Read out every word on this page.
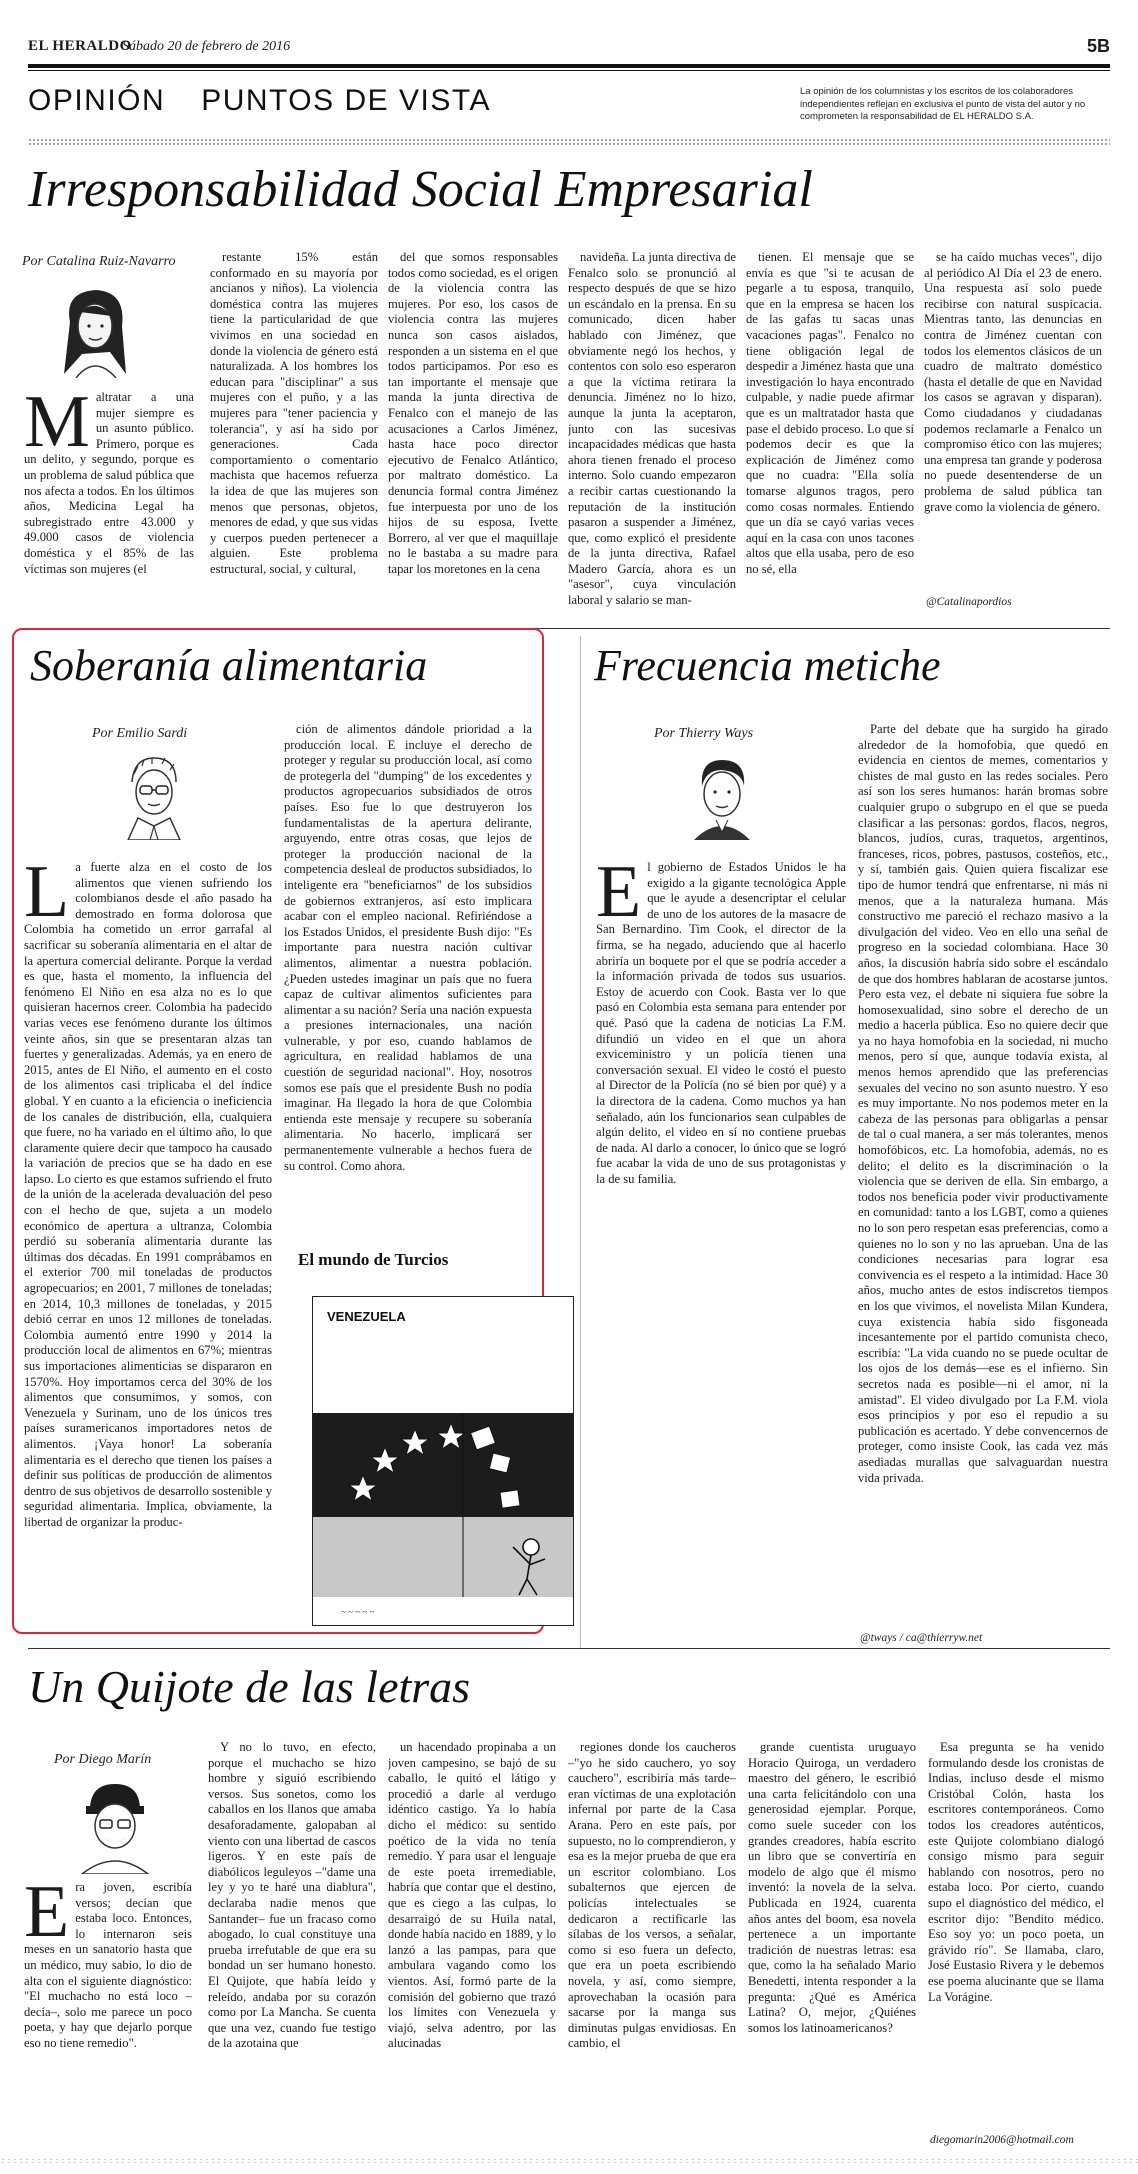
EL HERALDO
Sábado 20 de febrero de 2016	5B
OPINIÓN PUNTOS DE VISTA	La opinión de los columnistas y los escritos de los colaboradores independientes reflejan en exclusiva el punto de vista del autor y no comprometen la responsabilidad de EL HERALDO S.A.
Irresponsabilidad Social Empresarial
Por Catalina Ruiz-Navarro
Maltratar a una mujer siempre es un asunto público. Primero, porque es un delito, y segundo, porque es un problema de salud pública que nos afecta a todos. En los últimos años, Medicina Legal ha subregistrado entre 43.000 y 49.000 casos de violencia doméstica y el 85% de las víctimas son mujeres (el

restante 15% están conformado en su mayoría por ancianos y niños). La violencia doméstica contra las mujeres tiene la particularidad de que vivimos en una sociedad en donde la violencia de género está naturalizada. A los hombres los educan para "disciplinar" a sus mujeres con el puño, y a las mujeres para "tener paciencia y tolerancia", y así ha sido por generaciones. Cada comportamiento o comentario machista que hacemos refuerza la idea de que las mujeres son menos que personas, objetos, menores de edad, y que sus vidas y cuerpos pueden pertenecer a alguien. Este problema estructural, social, y cultural,

del que somos responsables todos como sociedad, es el origen de la violencia contra las mujeres. Por eso, los casos de violencia contra las mujeres nunca son casos aislados, responden a un sistema en el que todos participamos. Por eso es tan importante el mensaje que manda la junta directiva de Fenalco con el manejo de las acusaciones a Carlos Jiménez, hasta hace poco director ejecutivo de Fenalco Atlántico, por maltrato doméstico. La denuncia formal contra Jiménez fue interpuesta por uno de los hijos de su esposa, Ivette Borrero, al ver que el maquillaje no le bastaba a su madre para tapar los moretones en la cena

navideña. La junta directiva de Fenalco solo se pronunció al respecto después de que se hizo un escándalo en la prensa. En su comunicado, dicen haber hablado con Jiménez, que obviamente negó los hechos, y contentos con solo eso esperaron a que la víctima retirara la denuncia. Jiménez no lo hizo, aunque la junta la aceptaron, junto con las sucesivas incapacidades médicas que hasta ahora tienen frenado el proceso interno. Solo cuando empezaron a recibir cartas cuestionando la reputación de la institución pasaron a suspender a Jiménez, que, como explicó el presidente de la junta directiva, Rafael Madero García, ahora es un "asesor", cuya vinculación laboral y salario se man-

tienen. El mensaje que se envía es que "si te acusan de pegarle a tu esposa, tranquilo, que en la empresa se hacen los de las gafas tu sacas unas vacaciones pagas". Fenalco no tiene obligación legal de despedir a Jiménez hasta que una investigación lo haya encontrado culpable, y nadie puede afirmar que es un maltratador hasta que pase el debido proceso. Lo que sí podemos decir es que la explicación de Jiménez como que no cuadra: "Ella solía tomarse algunos tragos, pero como cosas normales. Entiendo que un día se cayó varias veces aquí en la casa con unos tacones altos que ella usaba, pero de eso no sé, ella

se ha caído muchas veces", dijo al periódico Al Día el 23 de enero. Una respuesta así solo puede recibirse con natural suspicacia. Mientras tanto, las denuncias en contra de Jiménez cuentan con todos los elementos clásicos de un cuadro de maltrato doméstico (hasta el detalle de que en Navidad los casos se agravan y disparan). Como ciudadanos y ciudadanas podemos reclamarle a Fenalco un compromiso ético con las mujeres; una empresa tan grande y poderosa no puede desentenderse de un problema de salud pública tan grave como la violencia de género.

@Catalinapordios
Soberanía alimentaria
Por Emilio Sardi
La fuerte alza en el costo de los alimentos que vienen sufriendo los colombianos desde el año pasado ha demostrado en forma dolorosa que Colombia ha cometido un error garrafal al sacrificar su soberanía alimentaria en el altar de la apertura comercial delirante. Porque la verdad es que, hasta el momento, la influencia del fenómeno El Niño en esa alza no es lo que quisieran hacernos creer. Colombia ha padecido varias veces ese fenómeno durante los últimos veinte años, sin que se presentaran alzas tan fuertes y generalizadas. Además, ya en enero de 2015, antes de El Niño, el aumento en el costo de los alimentos casi triplicaba el del índice global. Y en cuanto a la eficiencia o ineficiencia de los canales de distribución, ella, cualquiera que fuere, no ha variado en el último año, lo que claramente quiere decir que tampoco ha causado la variación de precios que se ha dado en ese lapso. Lo cierto es que estamos sufriendo el fruto de la unión de la acelerada devaluación del peso con el hecho de que, sujeta a un modelo económico de apertura a ultranza, Colombia perdió su soberanía alimentaria durante las últimas dos décadas. En 1991 comprábamos en el exterior 700 mil toneladas de productos agropecuarios; en 2001, 7 millones de toneladas; en 2014, 10,3 millones de toneladas, y 2015 debió cerrar en unos 12 millones de toneladas. Colombia aumentó entre 1990 y 2014 la producción local de alimentos en 67%; mientras sus importaciones alimenticias se dispararon en 1570%. Hoy importamos cerca del 30% de los alimentos que consumimos, y somos, con Venezuela y Surinam, uno de los únicos tres países suramericanos importadores netos de alimentos. ¡Vaya honor! La soberanía alimentaria es el derecho que tienen los países a definir sus políticas de producción de alimentos dentro de sus objetivos de desarrollo sostenible y seguridad alimentaria. Implica, obviamente, la libertad de organizar la produc-

ción de alimentos dándole prioridad a la producción local. E incluye el derecho de proteger y regular su producción local, así como de protegerla del "dumping" de los excedentes y productos agropecuarios subsidiados de otros países. Eso fue lo que destruyeron los fundamentalistas de la apertura delirante, arguyendo, entre otras cosas, que lejos de proteger la producción nacional de la competencia desleal de productos subsidiados, lo inteligente era "beneficiarnos" de los subsidios de gobiernos extranjeros, así esto implicara acabar con el empleo nacional. Refiriéndose a los Estados Unidos, el presidente Bush dijo: "Es importante para nuestra nación cultivar alimentos, alimentar a nuestra población. ¿Pueden ustedes imaginar un país que no fuera capaz de cultivar alimentos suficientes para alimentar a su nación? Sería una nación expuesta a presiones internacionales, una nación vulnerable, y por eso, cuando hablamos de agricultura, en realidad hablamos de una cuestión de seguridad nacional". Hoy, nosotros somos ese país que el presidente Bush no podía imaginar. Ha llegado la hora de que Colombia entienda este mensaje y recupere su soberanía alimentaria. No hacerlo, implicará ser permanentemente vulnerable a hechos fuera de su control. Como ahora.

El mundo de Turcios
VENEZUELA
~ ~ ~ ~ ~
Frecuencia metiche
Por Thierry Ways
El gobierno de Estados Unidos le ha exigido a la gigante tecnológica Apple que le ayude a desencriptar el celular de uno de los autores de la masacre de San Bernardino. Tim Cook, el director de la firma, se ha negado, aduciendo que al hacerlo abriría un boquete por el que se podría acceder a la información privada de todos sus usuarios. Estoy de acuerdo con Cook. Basta ver lo que pasó en Colombia esta semana para entender por qué. Pasó que la cadena de noticias La F.M. difundió un video en el que un ahora exviceministro y un policía tienen una conversación sexual. El video le costó el puesto al Director de la Policía (no sé bien por qué) y a la directora de la cadena. Como muchos ya han señalado, aún los funcionarios sean culpables de algún delito, el video en sí no contiene pruebas de nada. Al darlo a conocer, lo único que se logró fue acabar la vida de uno de sus protagonistas y la de su familia.

Parte del debate que ha surgido ha girado alrededor de la homofobia, que quedó en evidencia en cientos de memes, comentarios y chistes de mal gusto en las redes sociales. Pero así son los seres humanos: harán bromas sobre cualquier grupo o subgrupo en el que se pueda clasificar a las personas: gordos, flacos, negros, blancos, judíos, curas, traquetos, argentinos, franceses, ricos, pobres, pastusos, costeños, etc., y sí, también gais. Quien quiera fiscalizar ese tipo de humor tendrá que enfrentarse, ni más ni menos, que a la naturaleza humana. Más constructivo me pareció el rechazo masivo a la divulgación del video. Veo en ello una señal de progreso en la sociedad colombiana. Hace 30 años, la discusión habría sido sobre el escándalo de que dos hombres hablaran de acostarse juntos. Pero esta vez, el debate ni siquiera fue sobre la homosexualidad, sino sobre el derecho de un medio a hacerla pública. Eso no quiere decir que ya no haya homofobia en la sociedad, ni mucho menos, pero sí que, aunque todavía exista, al menos hemos aprendido que las preferencias sexuales del vecino no son asunto nuestro. Y eso es muy importante. No nos podemos meter en la cabeza de las personas para obligarlas a pensar de tal o cual manera, a ser más tolerantes, menos homofóbicos, etc. La homofobia, además, no es delito; el delito es la discriminación o la violencia que se deriven de ella. Sin embargo, a todos nos beneficia poder vivir productivamente en comunidad: tanto a los LGBT, como a quienes no lo son pero respetan esas preferencias, como a quienes no lo son y no las aprueban. Una de las condiciones necesarias para lograr esa convivencia es el respeto a la intimidad. Hace 30 años, mucho antes de estos indiscretos tiempos en los que vivimos, el novelista Milan Kundera, cuya existencia había sido fisgoneada incesantemente por el partido comunista checo, escribía: "La vida cuando no se puede ocultar de los ojos de los demás—ese es el infierno. Sin secretos nada es posible—ni el amor, ni la amistad". El video divulgado por La F.M. viola esos principios y por eso el repudio a su publicación es acertado. Y debe convencernos de proteger, como insiste Cook, las cada vez más asediadas murallas que salvaguardan nuestra vida privada.

@tways / ca@thierryw.net
Un Quijote de las letras
Por Diego Marín
Era joven, escribía versos; decían que estaba loco. Entonces, lo internaron seis meses en un sanatorio hasta que un médico, muy sabio, lo dio de alta con el siguiente diagnóstico: "El muchacho no está loco –decía–, solo me parece un poco poeta, y hay que dejarlo porque eso no tiene remedio".

Y no lo tuvo, en efecto, porque el muchacho se hizo hombre y siguió escribiendo versos. Sus sonetos, como los caballos en los llanos que amaba desaforadamente, galopaban al viento con una libertad de cascos ligeros. Y en este país de diabólicos leguleyos –"dame una ley y yo te haré una diablura", declaraba nadie menos que Santander– fue un fracaso como abogado, lo cual constituye una prueba irrefutable de que era su bondad un ser humano honesto. El Quijote, que había leído y releído, andaba por su corazón como por La Mancha. Se cuenta que una vez, cuando fue testigo de la azotaina que

un hacendado propinaba a un joven campesino, se bajó de su caballo, le quitó el látigo y procedió a darle al verdugo idéntico castigo. Ya lo había dicho el médico: su sentido poético de la vida no tenía remedio. Y para usar el lenguaje de este poeta irremediable, habría que contar que el destino, que es ciego a las culpas, lo desarraigó de su Huila natal, donde había nacido en 1889, y lo lanzó a las pampas, para que ambulara vagando como los vientos. Así, formó parte de la comisión del gobierno que trazó los límites con Venezuela y viajó, selva adentro, por las alucinadas

regiones donde los caucheros –"yo he sido cauchero, yo soy cauchero", escribiría más tarde– eran víctimas de una explotación infernal por parte de la Casa Arana. Pero en este país, por supuesto, no lo comprendieron, y esa es la mejor prueba de que era un escritor colombiano. Los subalternos que ejercen de policías intelectuales se dedicaron a rectificarle las sílabas de los versos, a señalar, como si eso fuera un defecto, que era un poeta escribiendo novela, y así, como siempre, aprovechaban la ocasión para sacarse por la manga sus diminutas pulgas envidiosas. En cambio, el

grande cuentista uruguayo Horacio Quiroga, un verdadero maestro del género, le escribió una carta felicitándolo con una generosidad ejemplar. Porque, como suele suceder con los grandes creadores, había escrito un libro que se convertiría en modelo de algo que él mismo inventó: la novela de la selva. Publicada en 1924, cuarenta años antes del boom, esa novela pertenece a un importante tradición de nuestras letras: esa que, como la ha señalado Mario Benedetti, intenta responder a la pregunta: ¿Qué es América Latina? O, mejor, ¿Quiénes somos los latinoamericanos?

Esa pregunta se ha venido formulando desde los cronistas de Indias, incluso desde el mismo Cristóbal Colón, hasta los escritores contemporáneos. Como todos los creadores auténticos, este Quijote colombiano dialogó consigo mismo para seguir hablando con nosotros, pero no estaba loco. Por cierto, cuando supo el diagnóstico del médico, el escritor dijo: "Bendito médico. Eso soy yo: un poco poeta, un grávido río". Se llamaba, claro, José Eustasio Rivera y le debemos ese poema alucinante que se llama La Vorágine.

diegomarin2006@hotmail.com
